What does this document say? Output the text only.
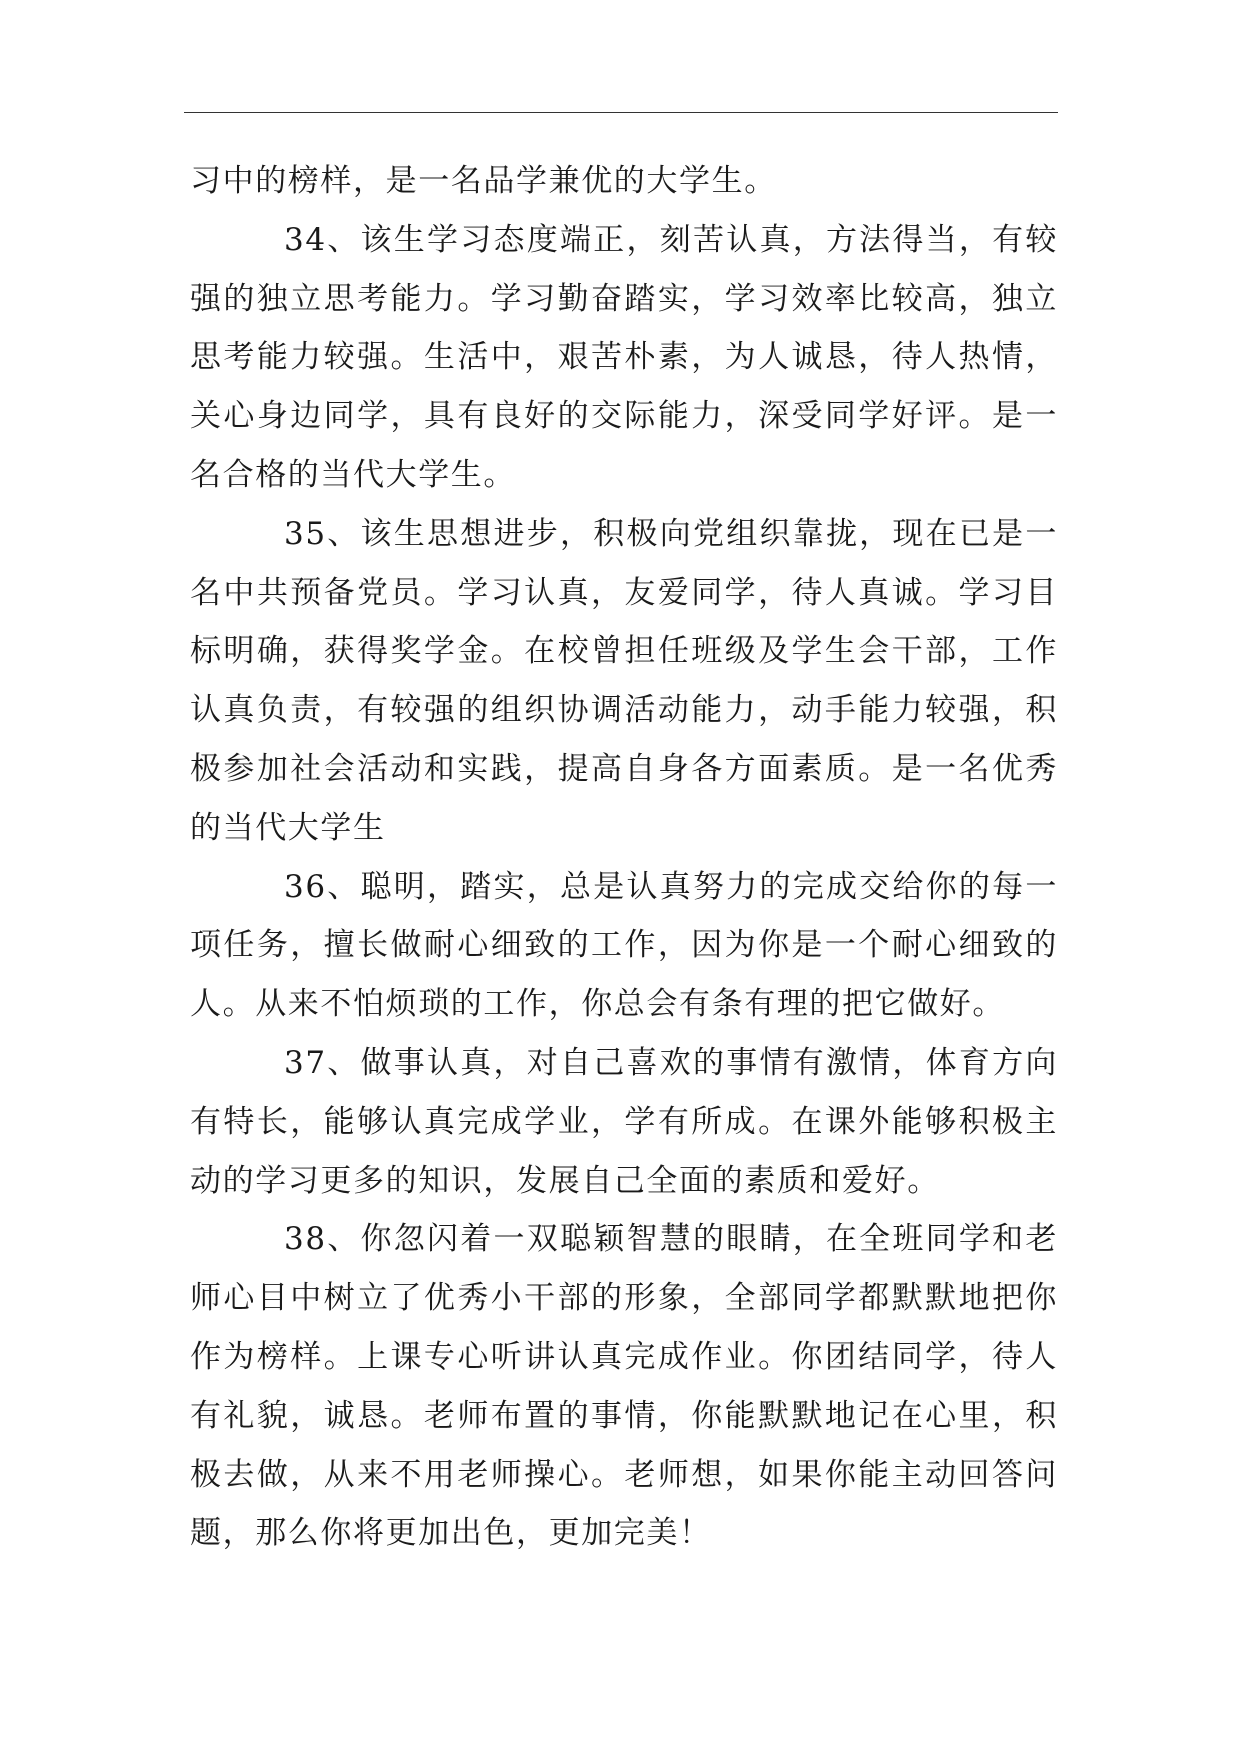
习中的榜样，是一名品学兼优的大学生。

34、该生学习态度端正，刻苦认真，方法得当，有较强的独立思考能力。学习勤奋踏实，学习效率比较高，独立思考能力较强。生活中，艰苦朴素，为人诚恳，待人热情，关心身边同学，具有良好的交际能力，深受同学好评。是一名合格的当代大学生。

35、该生思想进步，积极向党组织靠拢，现在已是一名中共预备党员。学习认真，友爱同学，待人真诚。学习目标明确，获得奖学金。在校曾担任班级及学生会干部，工作认真负责，有较强的组织协调活动能力，动手能力较强，积极参加社会活动和实践，提高自身各方面素质。是一名优秀的当代大学生

36、聪明，踏实，总是认真努力的完成交给你的每一项任务，擅长做耐心细致的工作，因为你是一个耐心细致的人。从来不怕烦琐的工作，你总会有条有理的把它做好。

37、做事认真，对自己喜欢的事情有激情，体育方向有特长，能够认真完成学业，学有所成。在课外能够积极主动的学习更多的知识，发展自己全面的素质和爱好。

38、你忽闪着一双聪颖智慧的眼睛，在全班同学和老师心目中树立了优秀小干部的形象，全部同学都默默地把你作为榜样。上课专心听讲认真完成作业。你团结同学，待人有礼貌，诚恳。老师布置的事情，你能默默地记在心里，积极去做，从来不用老师操心。老师想，如果你能主动回答问题，那么你将更加出色，更加完美！
